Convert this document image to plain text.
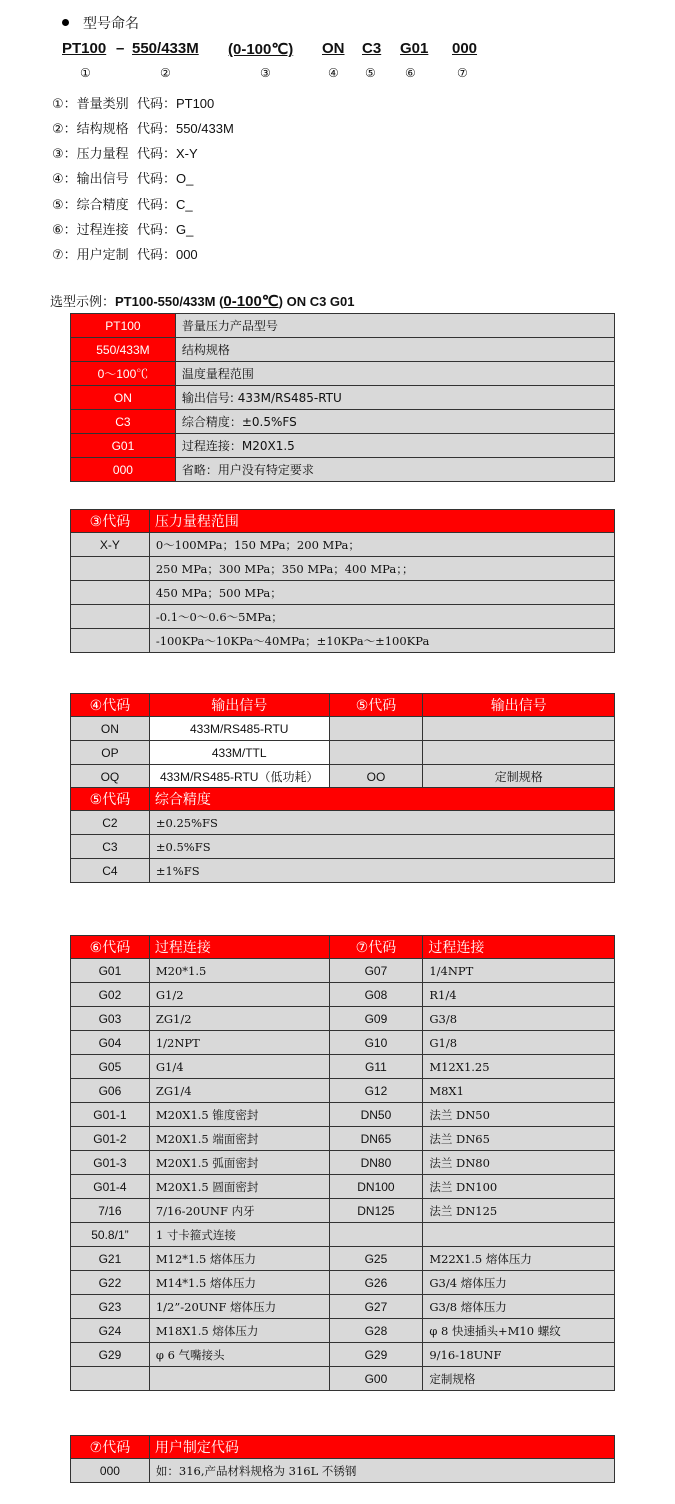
型号命名
PT100 – 550/433M (0-100℃) ON C3 G01 000
①	②	③	④ ⑤ ⑥	⑦
①：普量类别 代码：PT100
②：结构规格 代码：550/433M
③：压力量程 代码：X-Y
④：输出信号 代码：O_
⑤：综合精度 代码：C_
⑥：过程连接 代码：G_
⑦：用户定制 代码：000
选型示例：PT100-550/433M (0-100℃) ON C3 G01
PT100	普量压力产品型号
550/433M	结构规格
0～100℃	温度量程范围
ON	输出信号: 433M/RS485-RTU
C3	综合精度：±0.5%FS
G01	过程连接：M20X1.5
000	省略：用户没有特定要求
③代码	压力量程范围
X-Y	0～100MPa；150 MPa；200 MPa；
	250 MPa；300 MPa；350 MPa；400 MPa；；
	450 MPa；500 MPa；
	-0.1～0～0.6～5MPa；
	-100KPa～10KPa～40MPa；±10KPa～±100KPa
④代码	输出信号	⑤代码	输出信号
ON	433M/RS485-RTU		
OP	433M/TTL		
OQ	433M/RS485-RTU（低功耗）	OO	定制规格
⑤代码	综合精度
C2	±0.25%FS
C3	±0.5%FS
C4	±1%FS
⑥代码	过程连接	⑦代码	过程连接
G01	M20*1.5	G07	1/4NPT
G02	G1/2	G08	R1/4
G03	ZG1/2	G09	G3/8
G04	1/2NPT	G10	G1/8
G05	G1/4	G11	M12X1.25
G06	ZG1/4	G12	M8X1
G01-1	M20X1.5 锥度密封	DN50	法兰 DN50
G01-2	M20X1.5 端面密封	DN65	法兰 DN65
G01-3	M20X1.5 弧面密封	DN80	法兰 DN80
G01-4	M20X1.5 圆面密封	DN100	法兰 DN100
7/16	7/16-20UNF 内牙	DN125	法兰 DN125
50.8/1”	1 寸卡箍式连接		
G21	M12*1.5 熔体压力	G25	M22X1.5 熔体压力
G22	M14*1.5 熔体压力	G26	G3/4 熔体压力
G23	1/2”-20UNF 熔体压力	G27	G3/8 熔体压力
G24	M18X1.5 熔体压力	G28	φ 8 快速插头+M10 螺纹
G29	φ 6 气嘴接头	G29	9/16-18UNF
		G00	定制规格
⑦代码	用户制定代码
000	如：316,产品材料规格为 316L 不锈钢
